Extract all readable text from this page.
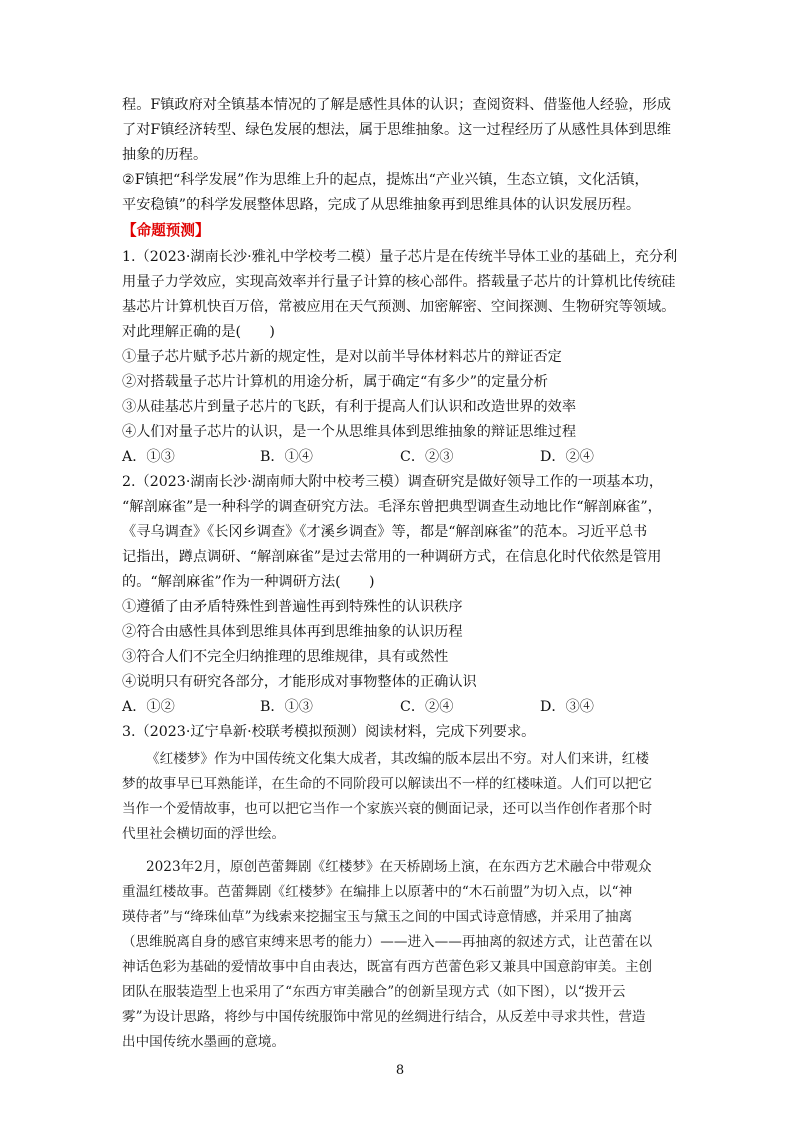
程。F镇政府对全镇基本情况的了解是感性具体的认识；查阅资料、借鉴他人经验，形成
了对F镇经济转型、绿色发展的想法，属于思维抽象。这一过程经历了从感性具体到思维
抽象的历程。
②F镇把“科学发展”作为思维上升的起点，提炼出“产业兴镇，生态立镇，文化活镇，
平安稳镇”的科学发展整体思路，完成了从思维抽象再到思维具体的认识发展历程。
【命题预测】
1.（2023·湖南长沙·雅礼中学校考二模）量子芯片是在传统半导体工业的基础上，充分利
用量子力学效应，实现高效率并行量子计算的核心部件。搭载量子芯片的计算机比传统硅
基芯片计算机快百万倍，常被应用在天气预测、加密解密、空间探测、生物研究等领域。
对此理解正确的是(　　)
①量子芯片赋予芯片新的规定性，是对以前半导体材料芯片的辩证否定
②对搭载量子芯片计算机的用途分析，属于确定“有多少”的定量分析
③从硅基芯片到量子芯片的飞跃，有利于提高人们认识和改造世界的效率
④人们对量子芯片的认识，是一个从思维具体到思维抽象的辩证思维过程
A．①③	B．①④	C．②③	D．②④
2.（2023·湖南长沙·湖南师大附中校考三模）调查研究是做好领导工作的一项基本功，
“解剖麻雀”是一种科学的调查研究方法。毛泽东曾把典型调查生动地比作“解剖麻雀”，
《寻乌调查》《长冈乡调查》《才溪乡调查》等，都是“解剖麻雀”的范本。习近平总书
记指出，蹲点调研、“解剖麻雀”是过去常用的一种调研方式，在信息化时代依然是管用
的。“解剖麻雀”作为一种调研方法(　　)
①遵循了由矛盾特殊性到普遍性再到特殊性的认识秩序
②符合由感性具体到思维具体再到思维抽象的认识历程
③符合人们不完全归纳推理的思维规律，具有或然性
④说明只有研究各部分，才能形成对事物整体的正确认识
A．①②	B．①③	C．②④	D．③④
3.（2023·辽宁阜新·校联考模拟预测）阅读材料，完成下列要求。
《红楼梦》作为中国传统文化集大成者，其改编的版本层出不穷。对人们来讲，红楼
梦的故事早已耳熟能详，在生命的不同阶段可以解读出不一样的红楼味道。人们可以把它
当作一个爱情故事，也可以把它当作一个家族兴衰的侧面记录，还可以当作创作者那个时
代里社会横切面的浮世绘。
2023年2月，原创芭蕾舞剧《红楼梦》在天桥剧场上演，在东西方艺术融合中带观众
重温红楼故事。芭蕾舞剧《红楼梦》在编排上以原著中的“木石前盟”为切入点，以“神
瑛侍者”与“绛珠仙草”为线索来挖掘宝玉与黛玉之间的中国式诗意情感，并采用了抽离
（思维脱离自身的感官束缚来思考的能力）——进入——再抽离的叙述方式，让芭蕾在以
神话色彩为基础的爱情故事中自由表达，既富有西方芭蕾色彩又兼具中国意韵审美。主创
团队在服装造型上也采用了“东西方审美融合”的创新呈现方式（如下图），以“拨开云
雾”为设计思路，将纱与中国传统服饰中常见的丝绸进行结合，从反差中寻求共性，营造
出中国传统水墨画的意境。
8
